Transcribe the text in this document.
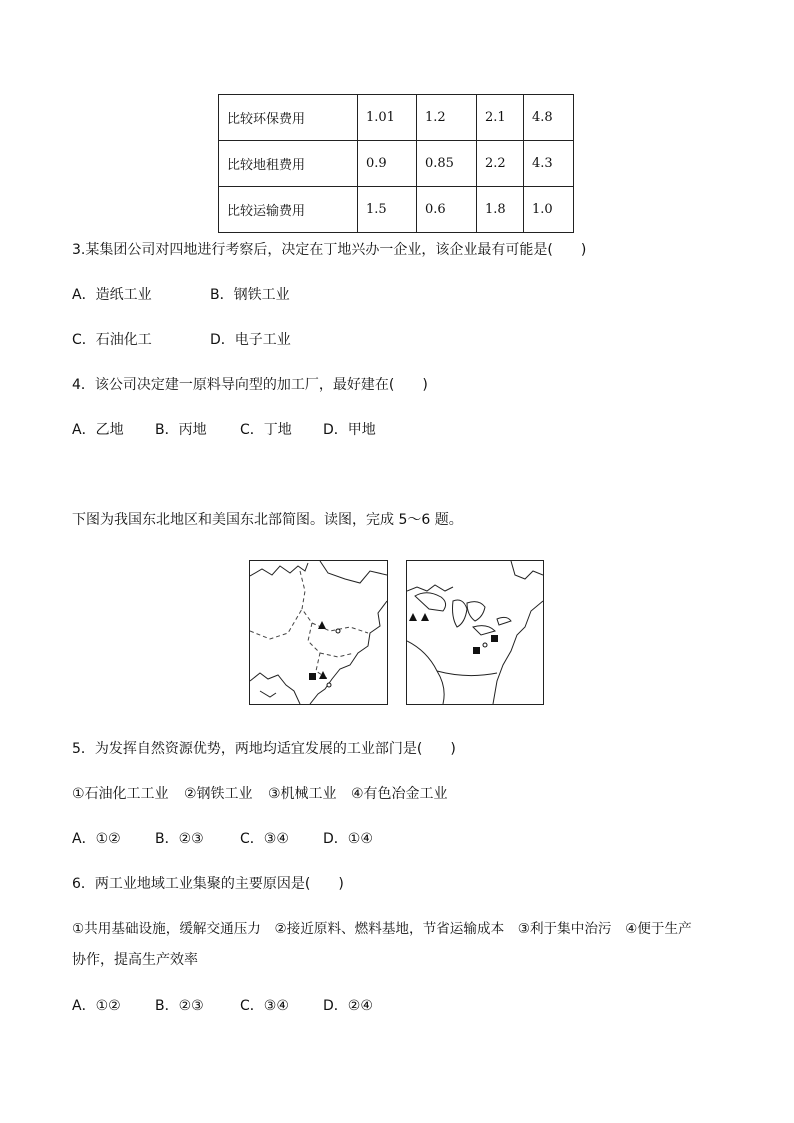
比较环保费用	1.01	1.2	2.1	4.8
比较地租费用	0.9	0.85	2.2	4.3
比较运输费用	1.5	0.6	1.8	1.0
3.某集团公司对四地进行考察后，决定在丁地兴办一企业，该企业最有可能是(　　)
A．造纸工业	B．钢铁工业
C．石油化工	D．电子工业
4．该公司决定建一原料导向型的加工厂，最好建在(　　)
A．乙地 B．丙地 C．丁地 D．甲地
下图为我国东北地区和美国东北部简图。读图，完成 5～6 题。
5．为发挥自然资源优势，两地均适宜发展的工业部门是(　　)
①石油化工工业 ②钢铁工业 ③机械工业 ④有色冶金工业
A．①② B．②③	C．③④ D．①④
6．两工业地域工业集聚的主要原因是(　　)
①共用基础设施，缓解交通压力　②接近原料、燃料基地，节省运输成本　③利于集中治污　④便于生产
协作，提高生产效率
A．①② B．②③	C．③④ D．②④
